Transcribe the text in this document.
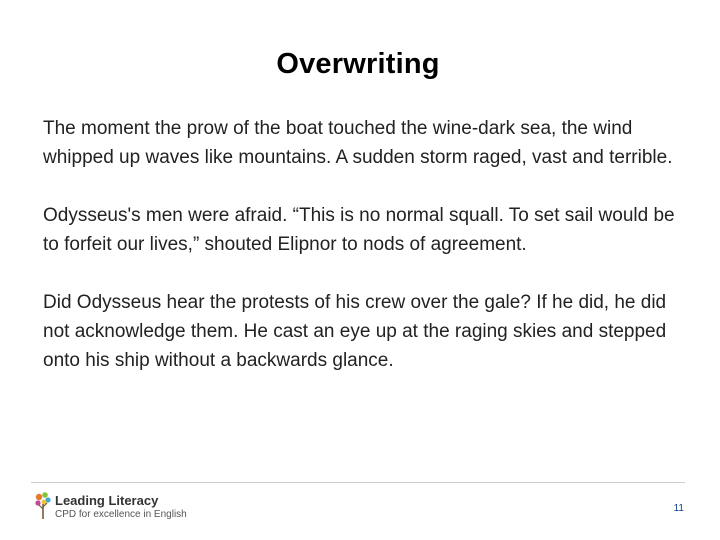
Overwriting

The moment the prow of the boat touched the wine-dark sea, the wind whipped up waves like mountains. A sudden storm raged, vast and terrible.

Odysseus's men were afraid. “This is no normal squall. To set sail would be to forfeit our lives,” shouted Elipnor to nods of agreement.

Did Odysseus hear the protests of his crew over the gale? If he did, he did not acknowledge them. He cast an eye up at the raging skies and stepped onto his ship without a backwards glance.

Leading Literacy
CPD for excellence in English
11
